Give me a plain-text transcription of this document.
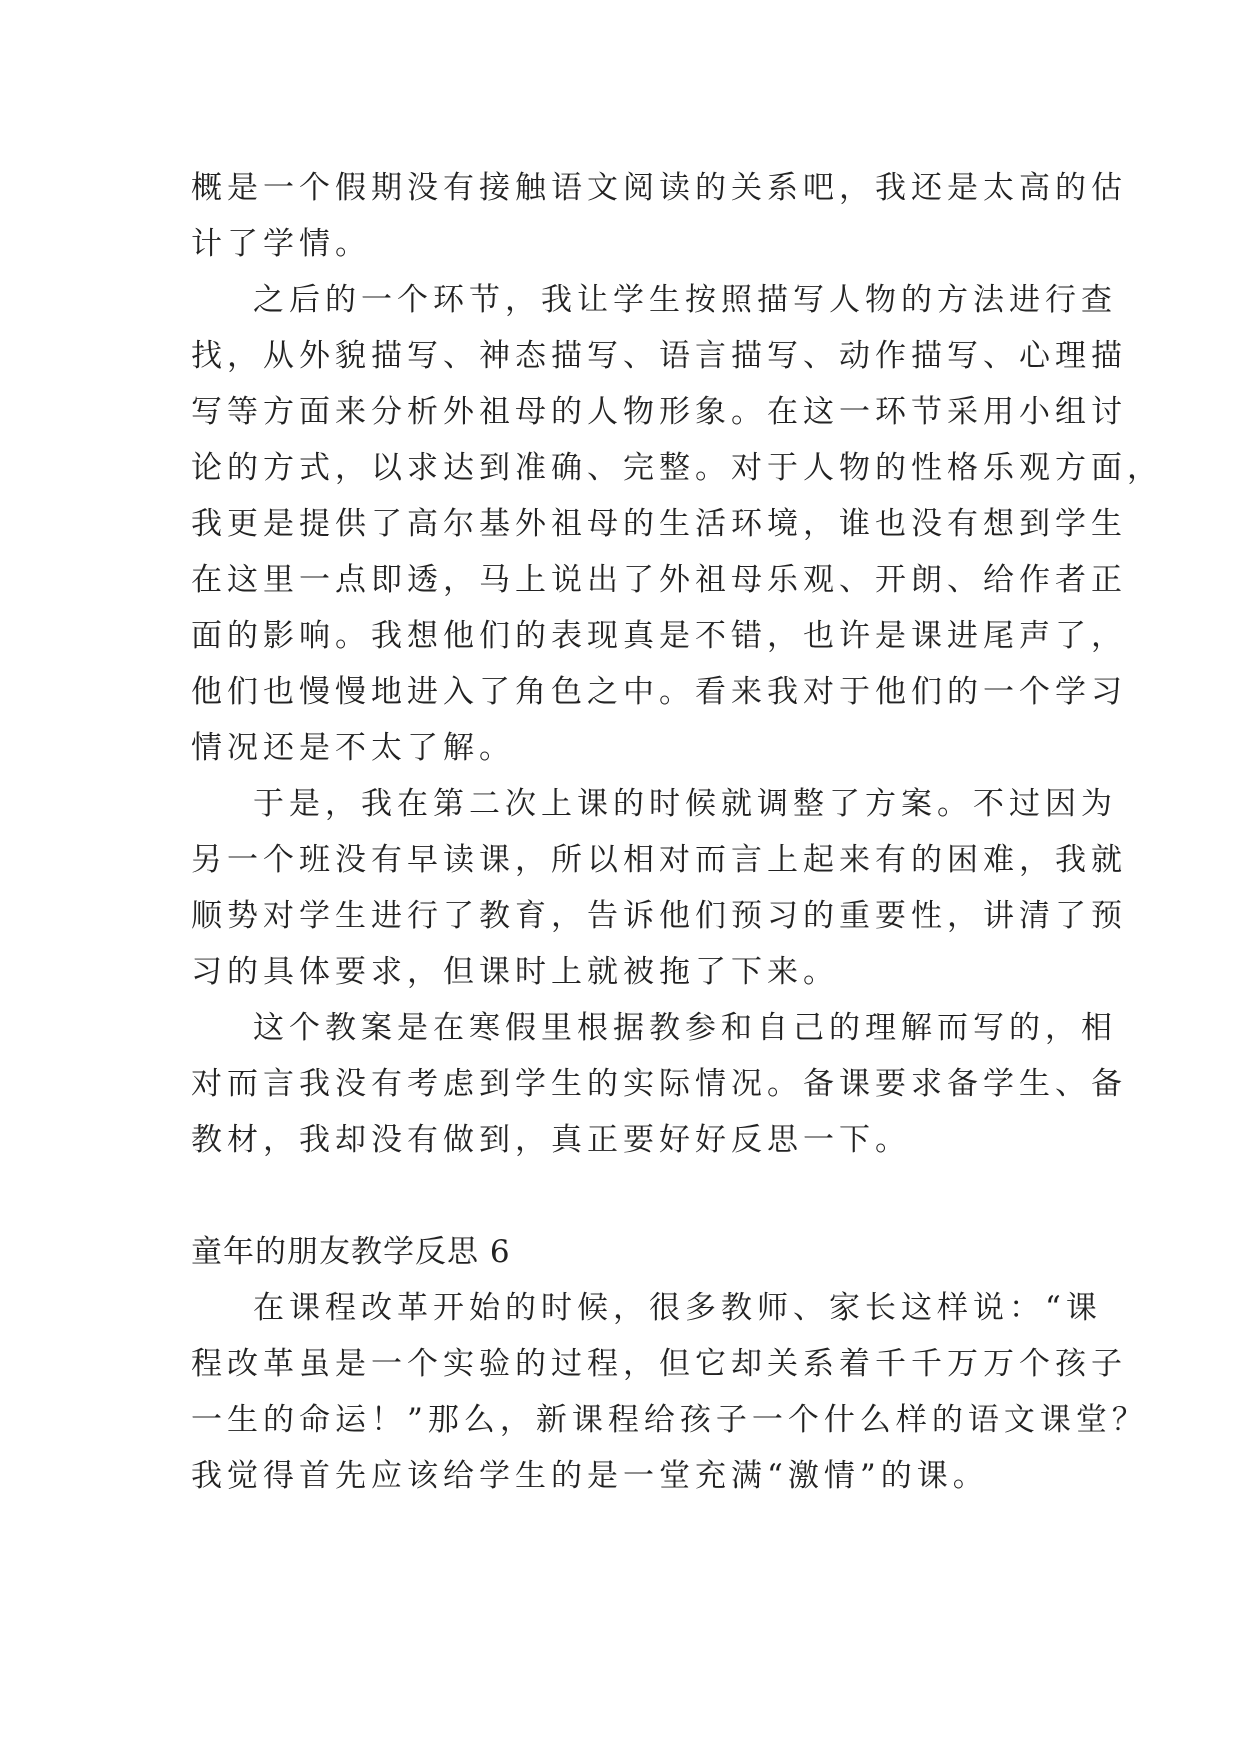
概是一个假期没有接触语文阅读的关系吧，我还是太高的估
计了学情。
之后的一个环节，我让学生按照描写人物的方法进行查
找，从外貌描写、神态描写、语言描写、动作描写、心理描
写等方面来分析外祖母的人物形象。在这一环节采用小组讨
论的方式，以求达到准确、完整。对于人物的性格乐观方面，
我更是提供了高尔基外祖母的生活环境，谁也没有想到学生
在这里一点即透，马上说出了外祖母乐观、开朗、给作者正
面的影响。我想他们的表现真是不错，也许是课进尾声了，
他们也慢慢地进入了角色之中。看来我对于他们的一个学习
情况还是不太了解。
于是，我在第二次上课的时候就调整了方案。不过因为
另一个班没有早读课，所以相对而言上起来有的困难，我就
顺势对学生进行了教育，告诉他们预习的重要性，讲清了预
习的具体要求，但课时上就被拖了下来。
这个教案是在寒假里根据教参和自己的理解而写的，相
对而言我没有考虑到学生的实际情况。备课要求备学生、备
教材，我却没有做到，真正要好好反思一下。
童年的朋友教学反思 6
在课程改革开始的时候，很多教师、家长这样说：“课
程改革虽是一个实验的过程，但它却关系着千千万万个孩子
一生的命运！”那么，新课程给孩子一个什么样的语文课堂？
我觉得首先应该给学生的是一堂充满“激情”的课。
